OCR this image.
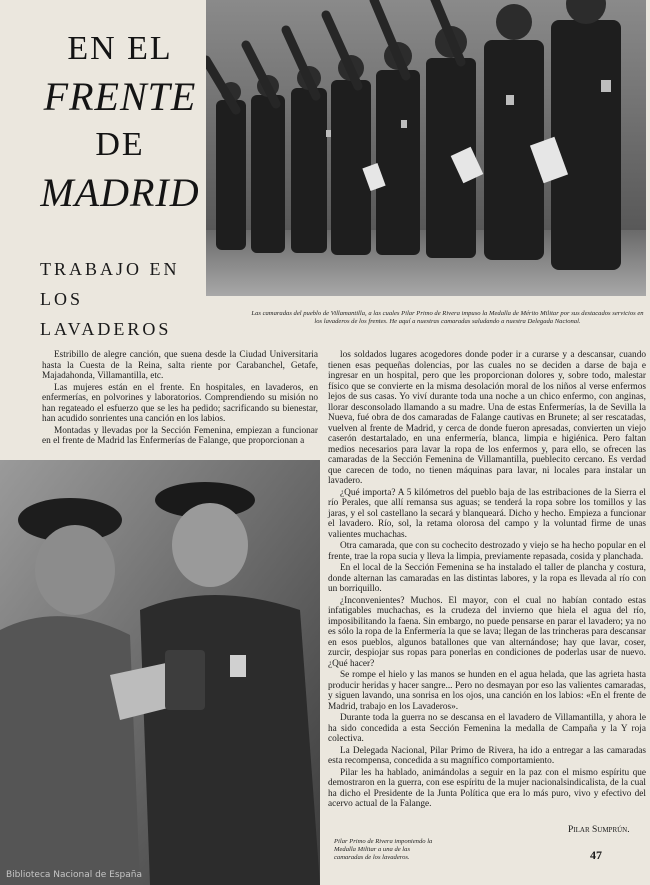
EN EL
FRENTE
DE
MADRID
TRABAJO EN
LOS LAVADEROS
Las camaradas del pueblo de Villamantilla, a las cuales Pilar Primo de Rivera impuso la Medalla de Mérito Militar por sus destacados servicios en los lavaderos de los frentes. He aquí a nuestras camaradas saludando a nuestra Delegada Nacional.
Pilar Primo de Rivera imponiendo la Medalla Militar a una de las camaradas de los lavaderos.

Estribillo de alegre canción, que suena desde la Ciudad Universitaria hasta la Cuesta de la Reina, salta riente por Carabanchel, Getafe, Majadahonda, Villamantilla, etc.

Las mujeres están en el frente. En hospitales, en lavaderos, en enfermerías, en polvorines y laboratorios. Comprendiendo su misión no han regateado el esfuerzo que se les ha pedido; sacrificando su bienestar, han acudido sonrientes una canción en los labios.

Montadas y llevadas por la Sección Femenina, empiezan a funcionar en el frente de Madrid las Enfermerías de Falange, que proporcionan a

los soldados lugares acogedores donde poder ir a curarse y a descansar, cuando tienen esas pequeñas dolencias, por las cuales no se deciden a darse de baja e ingresar en un hospital, pero que les proporcionan dolores y, sobre todo, malestar físico que se convierte en la misma desolación moral de los niños al verse enfermos lejos de sus casas. Yo viví durante toda una noche a un chico enfermo, con anginas, llorar desconsolado llamando a su madre. Una de estas Enfermerías, la de Sevilla la Nueva, fué obra de dos camaradas de Falange cautivas en Brunete; al ser rescatadas, vuelven al frente de Madrid, y cerca de donde fueron apresadas, convierten un viejo caserón destartalado, en una enfermería, blanca, limpia e higiénica. Pero faltan medios necesarios para lavar la ropa de los enfermos y, para ello, se ofrecen las camaradas de la Sección Femenina de Villamantilla, pueblecito cercano. Es verdad que carecen de todo, no tienen máquinas para lavar, ni locales para instalar un lavadero.

¿Qué importa? A 5 kilómetros del pueblo baja de las estribaciones de la Sierra el río Perales, que allí remansa sus aguas; se tenderá la ropa sobre los tomillos y las jaras, y el sol castellano la secará y blanqueará. Dicho y hecho. Empieza a funcionar el lavadero. Río, sol, la retama olorosa del campo y la voluntad firme de unas valientes muchachas.

Otra camarada, que con su cochecito destrozado y viejo se ha hecho popular en el frente, trae la ropa sucia y lleva la limpia, previamente repasada, cosida y planchada.

En el local de la Sección Femenina se ha instalado el taller de plancha y costura, donde alternan las camaradas en las distintas labores, y la ropa es llevada al río con un borriquillo.

¿Inconvenientes? Muchos. El mayor, con el cual no habían contado estas infatigables muchachas, es la crudeza del invierno que hiela el agua del río, imposibilitando la faena. Sin embargo, no puede pensarse en parar el lavadero; ya no es sólo la ropa de la Enfermería la que se lava; llegan de las trincheras para descansar en esos pueblos, algunos batallones que van alternándose; hay que lavar, coser, zurcir, despiojar sus ropas para ponerlas en condiciones de poderlas usar de nuevo. ¿Qué hacer?

Se rompe el hielo y las manos se hunden en el agua helada, que las agrieta hasta producir heridas y hacer sangre... Pero no desmayan por eso las valientes camaradas, y siguen lavando, una sonrisa en los ojos, una canción en los labios: «En el frente de Madrid, trabajo en los Lavaderos».

Durante toda la guerra no se descansa en el lavadero de Villamantilla, y ahora le ha sido concedida a esta Sección Femenina la medalla de Campaña y la Y roja colectiva.

La Delegada Nacional, Pilar Primo de Rivera, ha ido a entregar a las camaradas esta recompensa, concedida a su magnífico comportamiento.

Pilar les ha hablado, animándolas a seguir en la paz con el mismo espíritu que demostraron en la guerra, con ese espíritu de la mujer nacionalsindicalista, de la cual ha dicho el Presidente de la Junta Política que era lo más puro, vivo y efectivo del acervo actual de la Falange.

Pilar Sumprún.
47
Biblioteca Nacional de España
